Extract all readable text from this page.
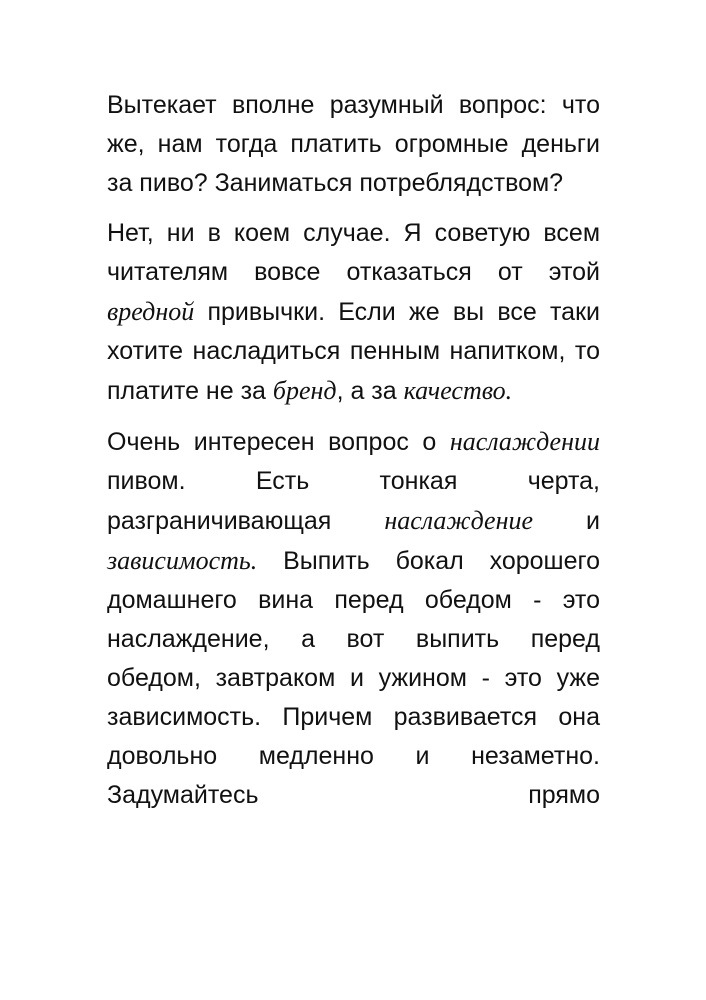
Вытекает вполне разумный вопрос: что же, нам тогда платить огромные деньги за пиво? Заниматься потреблядством?

Нет, ни в коем случае. Я советую всем читателям вовсе отказаться от этой вредной привычки. Если же вы все таки хотите насладиться пенным напитком, то платите не за бренд, а за качество.

Очень интересен вопрос о наслаждении пивом. Есть тонкая черта, разграничивающая наслаждение и зависимость. Выпить бокал хорошего домашнего вина перед обедом - это наслаждение, а вот выпить перед обедом, завтраком и ужином - это уже зависимость. Причем развивается она довольно медленно и незаметно. Задумайтесь прямо
